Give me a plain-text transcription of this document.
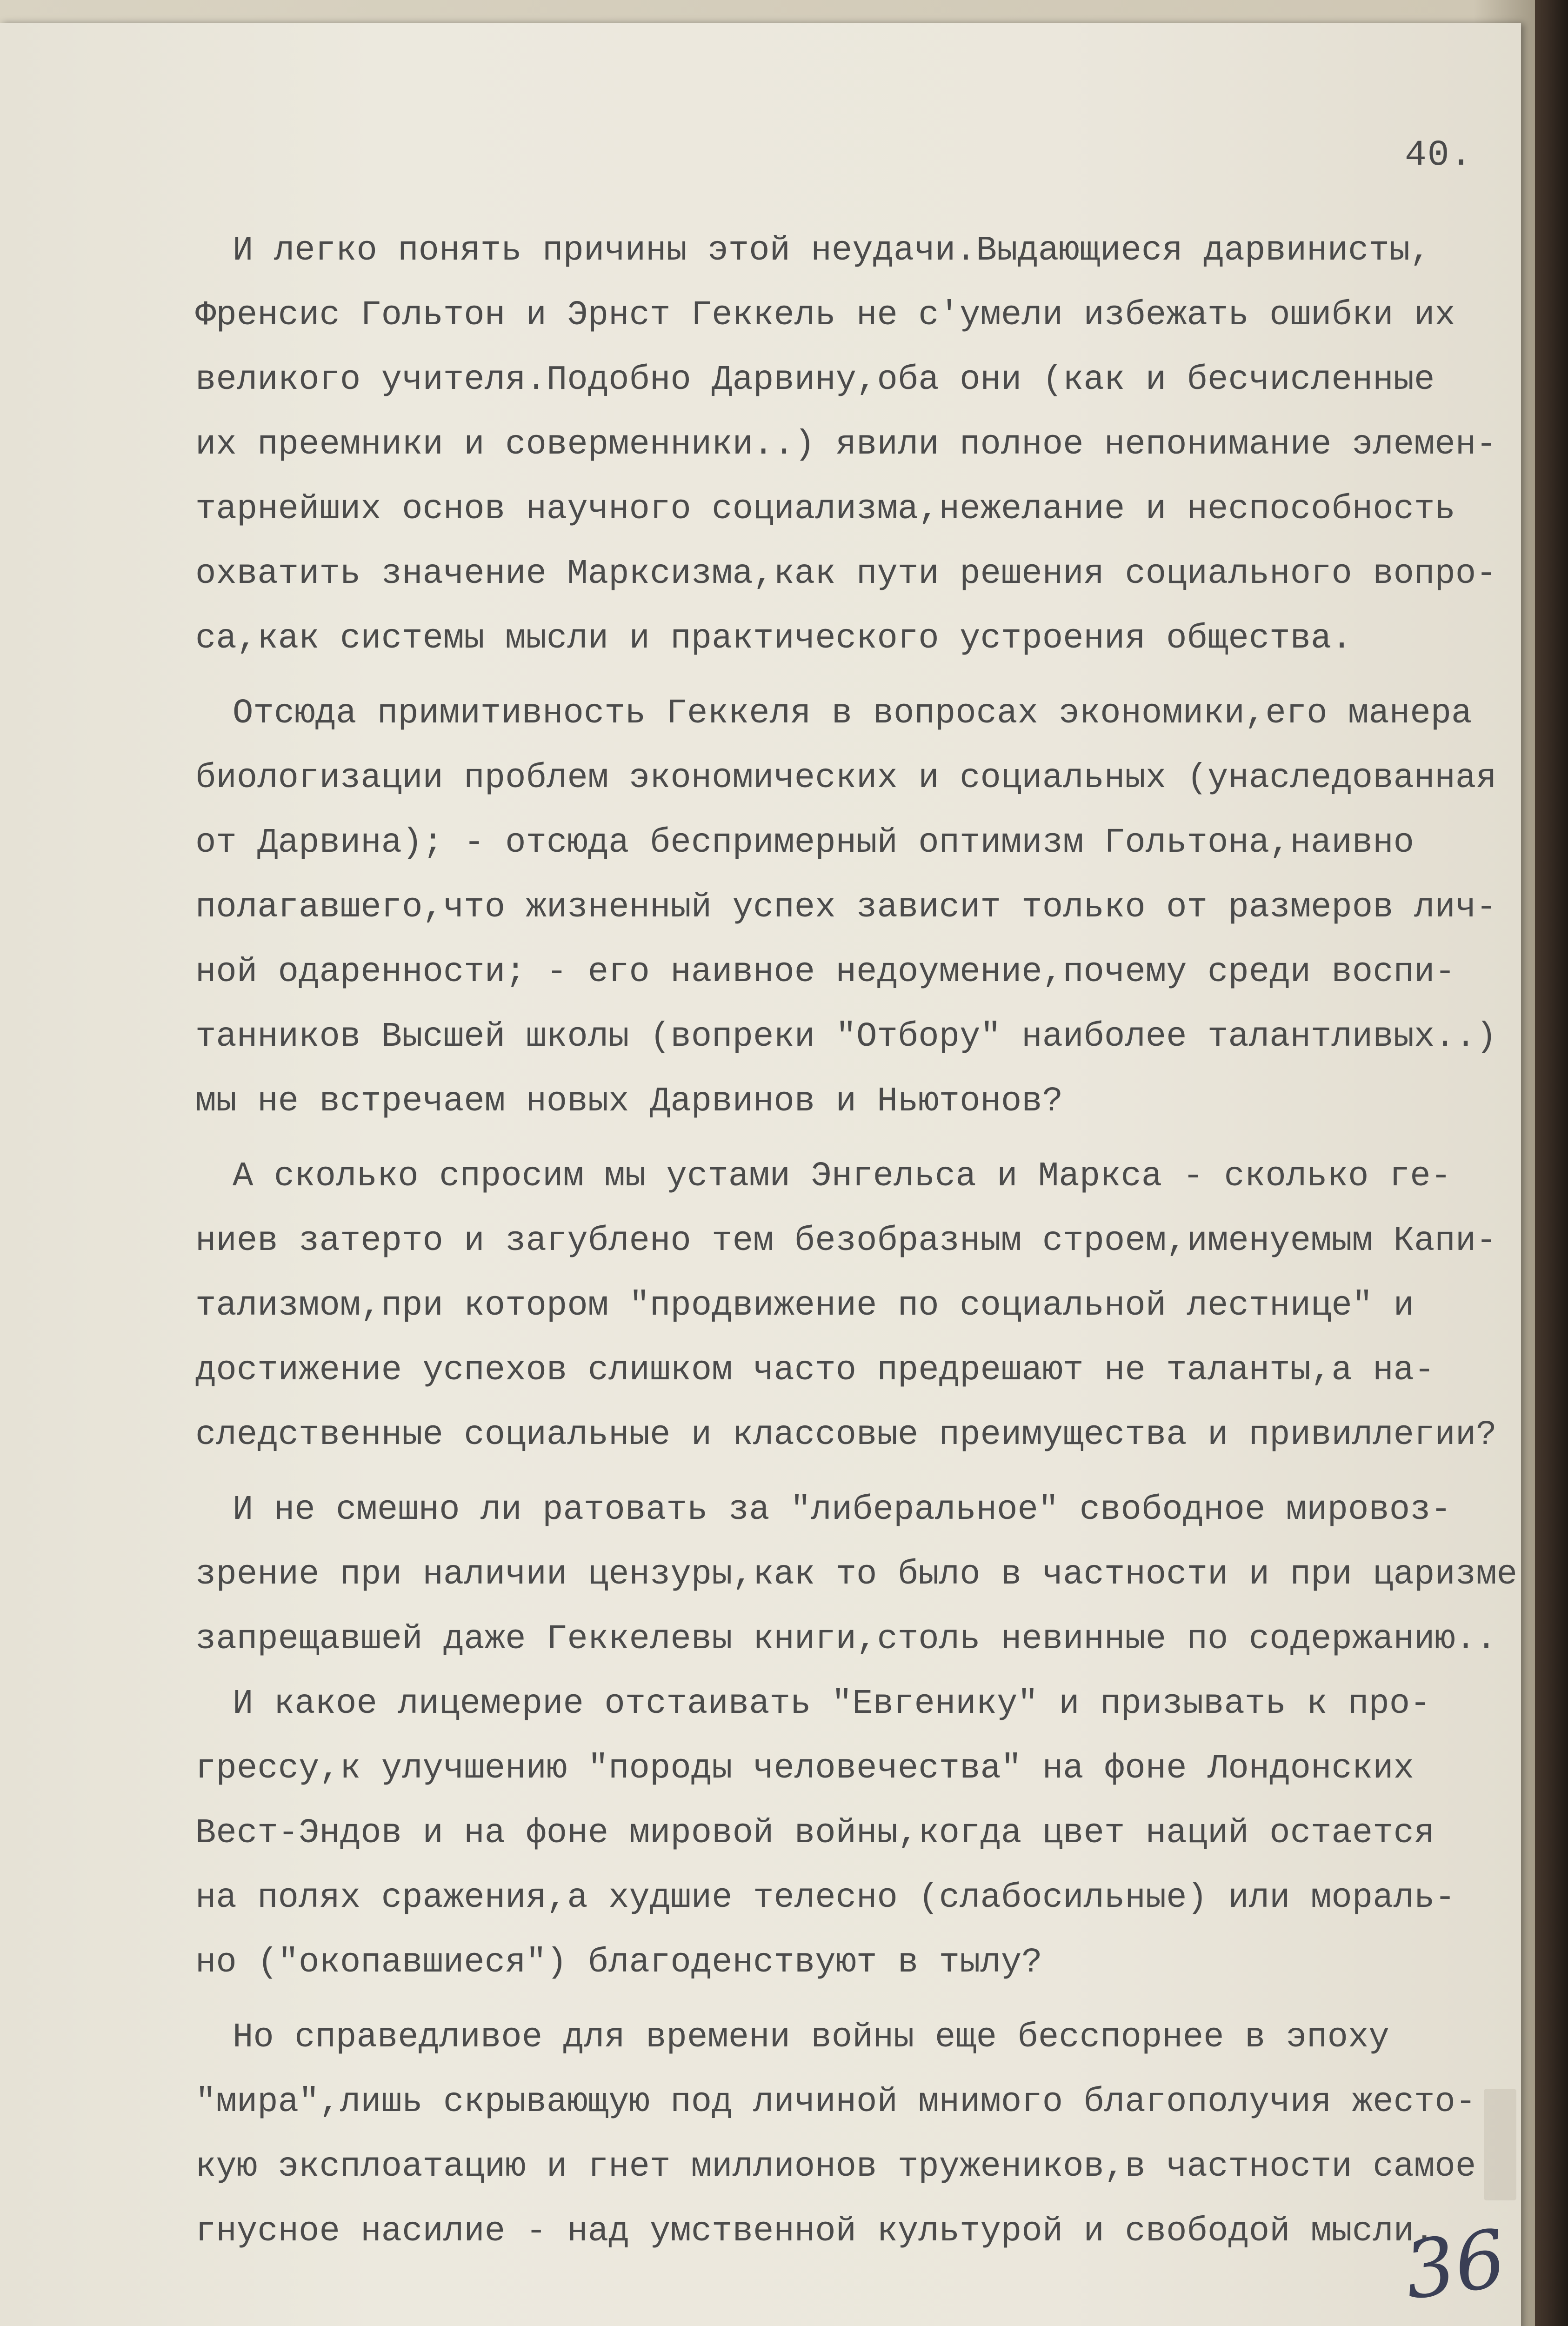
40.
И легко понять причины этой неудачи.Выдающиеся дарвинисты,
Френсис Гольтон и Эрнст Геккель не с'умели избежать ошибки их
великого учителя.Подобно Дарвину,оба они (как и бесчисленные
их преемники и соверменники..) явили полное непонимание элемен-
тарнейших основ научного социализма,нежелание и неспособность
охватить значение Марксизма,как пути решения социального вопро-
са,как системы мысли и практического устроения общества.
Отсюда примитивность Геккеля в вопросах экономики,его манера
биологизации проблем экономических и социальных (унаследованная
от Дарвина); - отсюда беспримерный оптимизм Гольтона,наивно
полагавшего,что жизненный успех зависит только от размеров лич-
ной одаренности; - его наивное недоумение,почему среди воспи-
танников Высшей школы (вопреки "Отбору" наиболее талантливых..)
мы не встречаем новых Дарвинов и Ньютонов?
А сколько спросим мы устами Энгельса и Маркса - сколько ге-
ниев затерто и загублено тем безобразным строем,именуемым Капи-
тализмом,при котором "продвижение по социальной лестнице" и
достижение успехов слишком часто предрешают не таланты,а на-
следственные социальные и классовые преимущества и привиллегии?
И не смешно ли ратовать за "либеральное" свободное мировоз-
зрение при наличии цензуры,как то было в частности и при царизме
запрещавшей даже Геккелевы книги,столь невинные по содержанию..
И какое лицемерие отстаивать "Евгенику" и призывать к про-
грессу,к улучшению "породы человечества" на фоне Лондонских
Вест-Эндов и на фоне мировой войны,когда цвет наций остается
на полях сражения,а худшие телесно (слабосильные) или мораль-
но ("окопавшиеся") благоденствуют в тылу?
Но справедливое для времени войны еще бесспорнее в эпоху
"мира",лишь скрывающую под личиной мнимого благополучия жесто-
кую эксплоатацию и гнет миллионов тружеников,в частности самое
гнусное насилие - над умственной культурой и свободой мысли.
36
